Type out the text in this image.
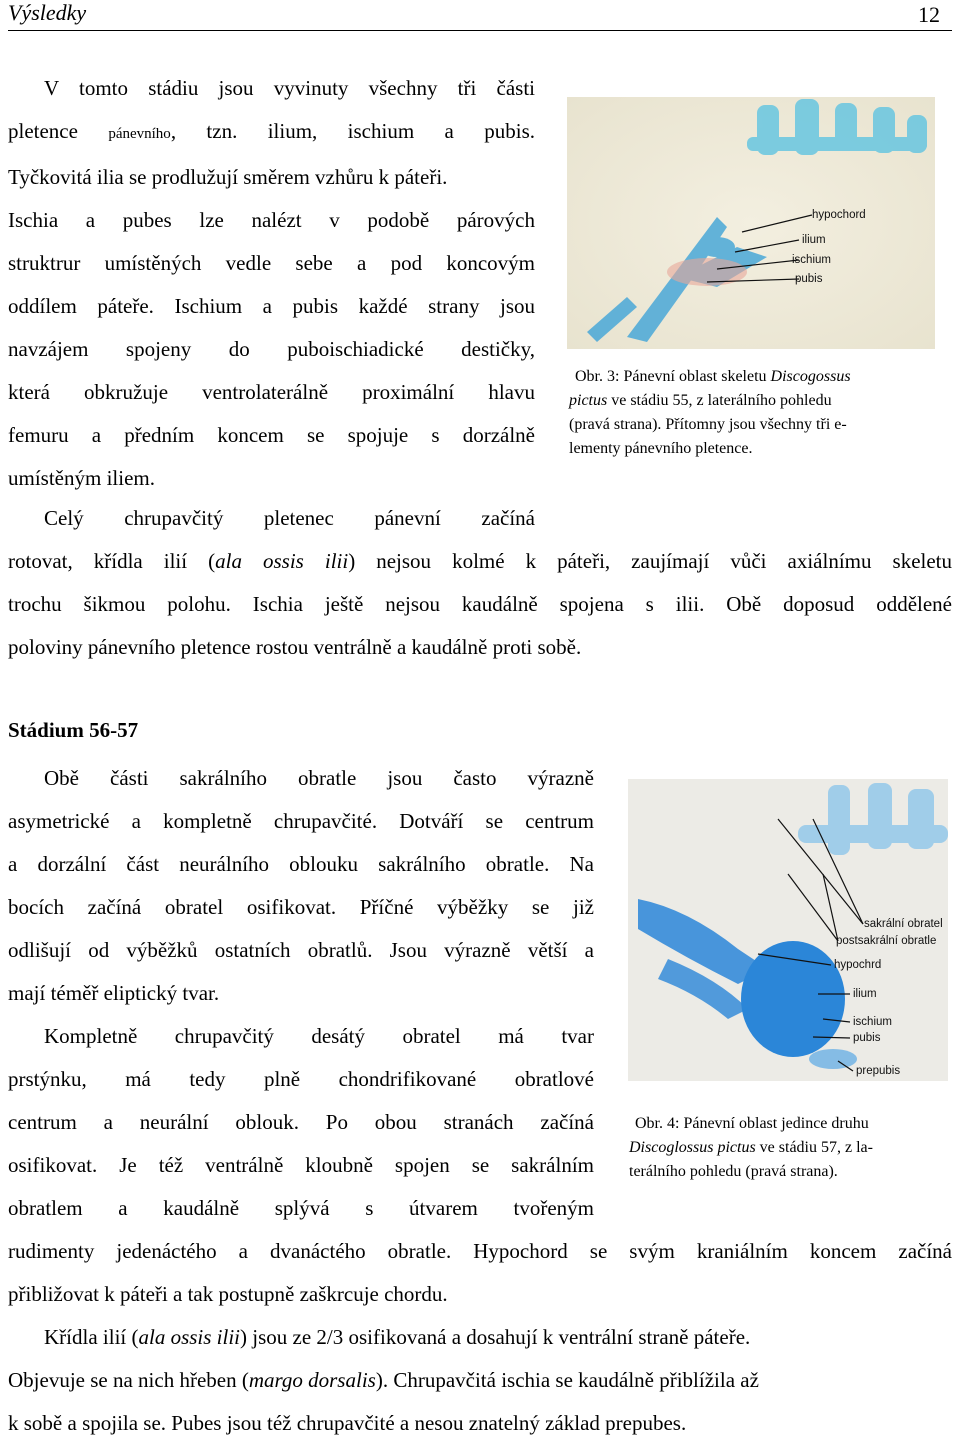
Výsledky	12
V tomto stádiu jsou vyvinuty všechny tři části
pletence pánevního, tzn. ilium, ischium a pubis.
Tyčkovitá ilia se prodlužují směrem vzhůru k páteři.
Ischia a pubes lze nalézt v podobě párových
struktrur umístěných vedle sebe a pod koncovým
oddílem páteře. Ischium a pubis každé strany jsou
navzájem spojeny do puboischiadické destičky,
která obkružuje ventrolaterálně proximální hlavu
femuru a předním koncem se spojuje s dorzálně
umístěným iliem.
Celý chrupavčitý pletenec pánevní začíná
rotovat, křídla ilií (ala ossis ilii) nejsou kolmé k páteři, zaujímají vůči axiálnímu skeletu
trochu šikmou polohu. Ischia ještě nejsou kaudálně spojena s ilii. Obě doposud oddělené
poloviny pánevního pletence rostou ventrálně a kaudálně proti sobě.
hypochord
ilium
ischium
pubis
Obr. 3: Pánevní oblast skeletu Discogossus
pictus ve stádiu 55, z laterálního pohledu
(pravá strana). Přítomny jsou všechny tři e-
lementy pánevního pletence.
Stádium 56-57
Obě části sakrálního obratle jsou často výrazně
asymetrické a kompletně chrupavčité. Dotváří se centrum
a dorzální část neurálního oblouku sakrálního obratle. Na
bocích začíná obratel osifikovat. Příčné výběžky se již
odlišují od výběžků ostatních obratlů. Jsou výrazně větší a
mají téměř eliptický tvar.
Kompletně chrupavčitý desátý obratel má tvar
prstýnku, má tedy plně chondrifikované obratlové
centrum a neurální oblouk. Po obou stranách začíná
osifikovat. Je též ventrálně kloubně spojen se sakrálním
obratlem a kaudálně splývá s útvarem tvořeným
rudimenty jedenáctého a dvanáctého obratle. Hypochord se svým kraniálním koncem začíná
přibližovat k páteři a tak postupně zaškrcuje chordu.
sakrální obratel
postsakrální obratle
hypochrd
ilium
ischium
pubis
prepubis
Obr. 4: Pánevní oblast jedince druhu
Discoglossus pictus ve stádiu 57, z la-
terálního pohledu (pravá strana).
Křídla ilií (ala ossis ilii) jsou ze 2/3 osifikovaná a dosahují k ventrální straně páteře.
Objevuje se na nich hřeben (margo dorsalis). Chrupavčitá ischia se kaudálně přiblížila až
k sobě a spojila se. Pubes jsou též chrupavčité a nesou znatelný základ prepubes.
